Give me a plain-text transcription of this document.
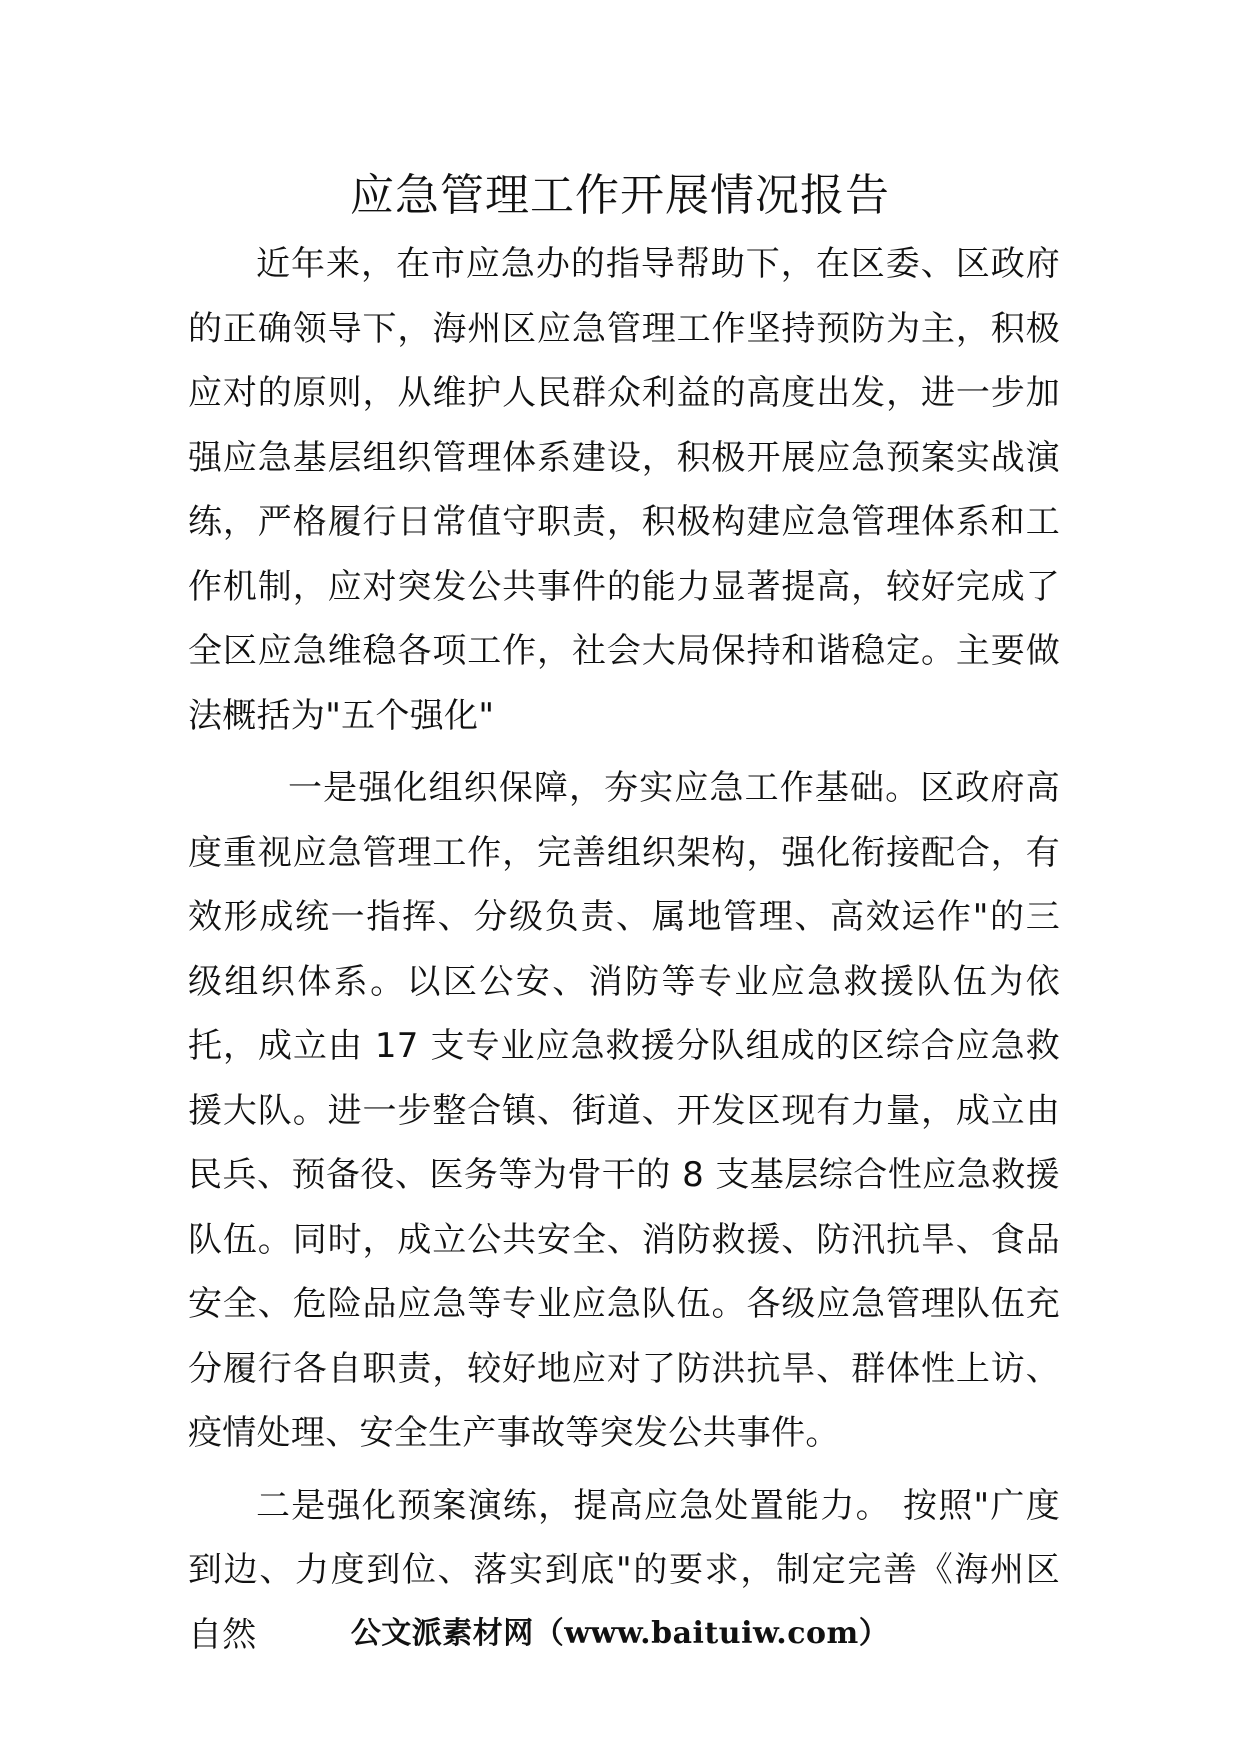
应急管理工作开展情况报告

近年来，在市应急办的指导帮助下，在区委、区政府的正确领导下，海州区应急管理工作坚持预防为主，积极应对的原则，从维护人民群众利益的高度出发，进一步加强应急基层组织管理体系建设，积极开展应急预案实战演练，严格履行日常值守职责，积极构建应急管理体系和工作机制，应对突发公共事件的能力显著提高，较好完成了全区应急维稳各项工作，社会大局保持和谐稳定。主要做法概括为"五个强化"

一是强化组织保障，夯实应急工作基础。区政府高度重视应急管理工作，完善组织架构，强化衔接配合，有效形成统一指挥、分级负责、属地管理、高效运作"的三级组织体系。以区公安、消防等专业应急救援队伍为依托，成立由 17 支专业应急救援分队组成的区综合应急救援大队。进一步整合镇、街道、开发区现有力量，成立由民兵、预备役、医务等为骨干的 8 支基层综合性应急救援队伍。同时，成立公共安全、消防救援、防汛抗旱、食品安全、危险品应急等专业应急队伍。各级应急管理队伍充分履行各自职责，较好地应对了防洪抗旱、群体性上访、疫情处理、安全生产事故等突发公共事件。

二是强化预案演练，提高应急处置能力。 按照"广度到边、力度到位、落实到底"的要求，制定完善《海州区自然	公文派素材网（www.baituiw.com）
